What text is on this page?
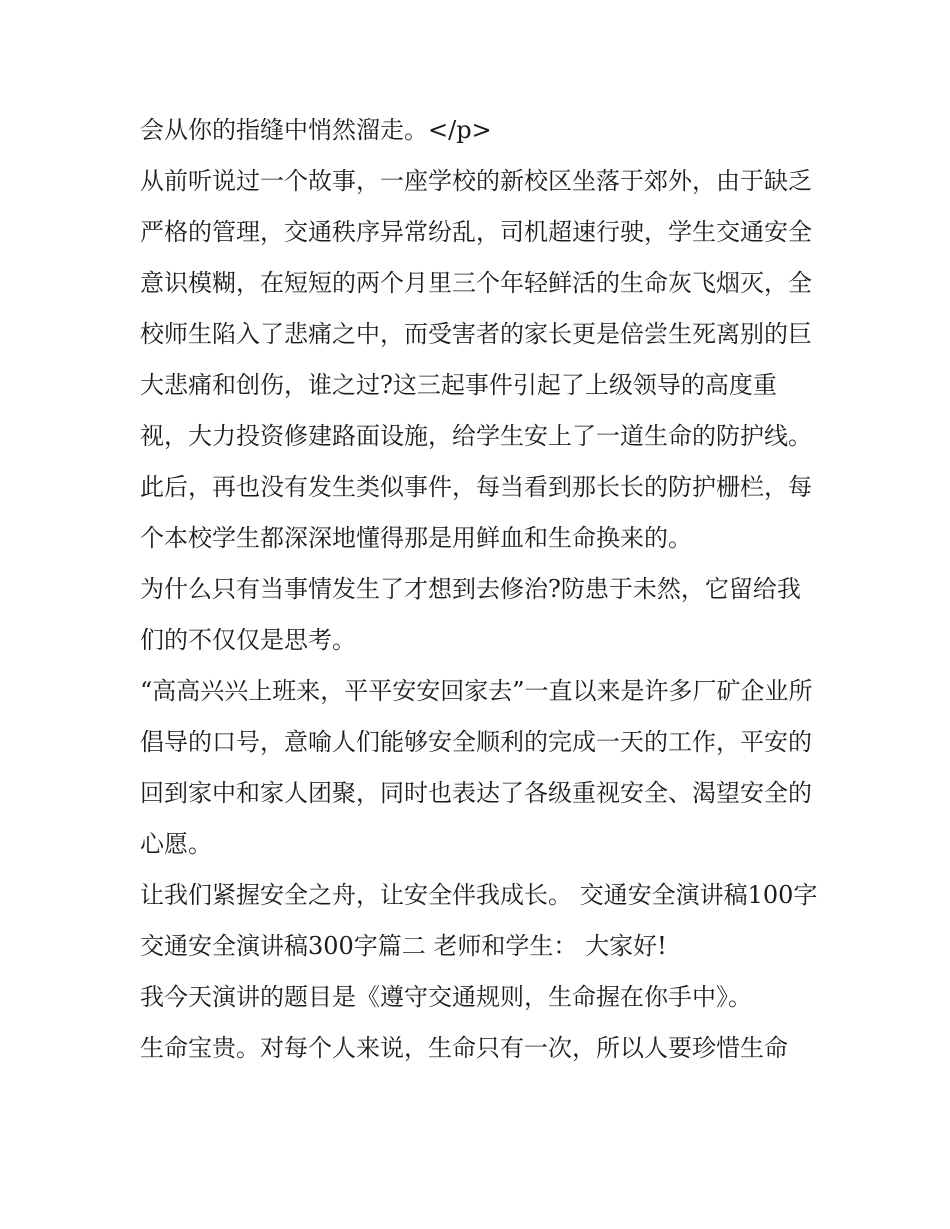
会从你的指缝中悄然溜走。</p>

从前听说过一个故事，一座学校的新校区坐落于郊外，由于缺乏严格的管理，交通秩序异常纷乱，司机超速行驶，学生交通安全意识模糊，在短短的两个月里三个年轻鲜活的生命灰飞烟灭，全校师生陷入了悲痛之中，而受害者的家长更是倍尝生死离别的巨大悲痛和创伤，谁之过?这三起事件引起了上级领导的高度重视，大力投资修建路面设施，给学生安上了一道生命的防护线。此后，再也没有发生类似事件，每当看到那长长的防护栅栏，每个本校学生都深深地懂得那是用鲜血和生命换来的。

为什么只有当事情发生了才想到去修治?防患于未然，它留给我们的不仅仅是思考。

“高高兴兴上班来，平平安安回家去”一直以来是许多厂矿企业所倡导的口号，意喻人们能够安全顺利的完成一天的工作，平安的回到家中和家人团聚，同时也表达了各级重视安全、渴望安全的心愿。

让我们紧握安全之舟，让安全伴我成长。 交通安全演讲稿100字 交通安全演讲稿300字篇二 老师和学生： 大家好!

我今天演讲的题目是《遵守交通规则，生命握在你手中》。

生命宝贵。对每个人来说，生命只有一次，所以人要珍惜生命
